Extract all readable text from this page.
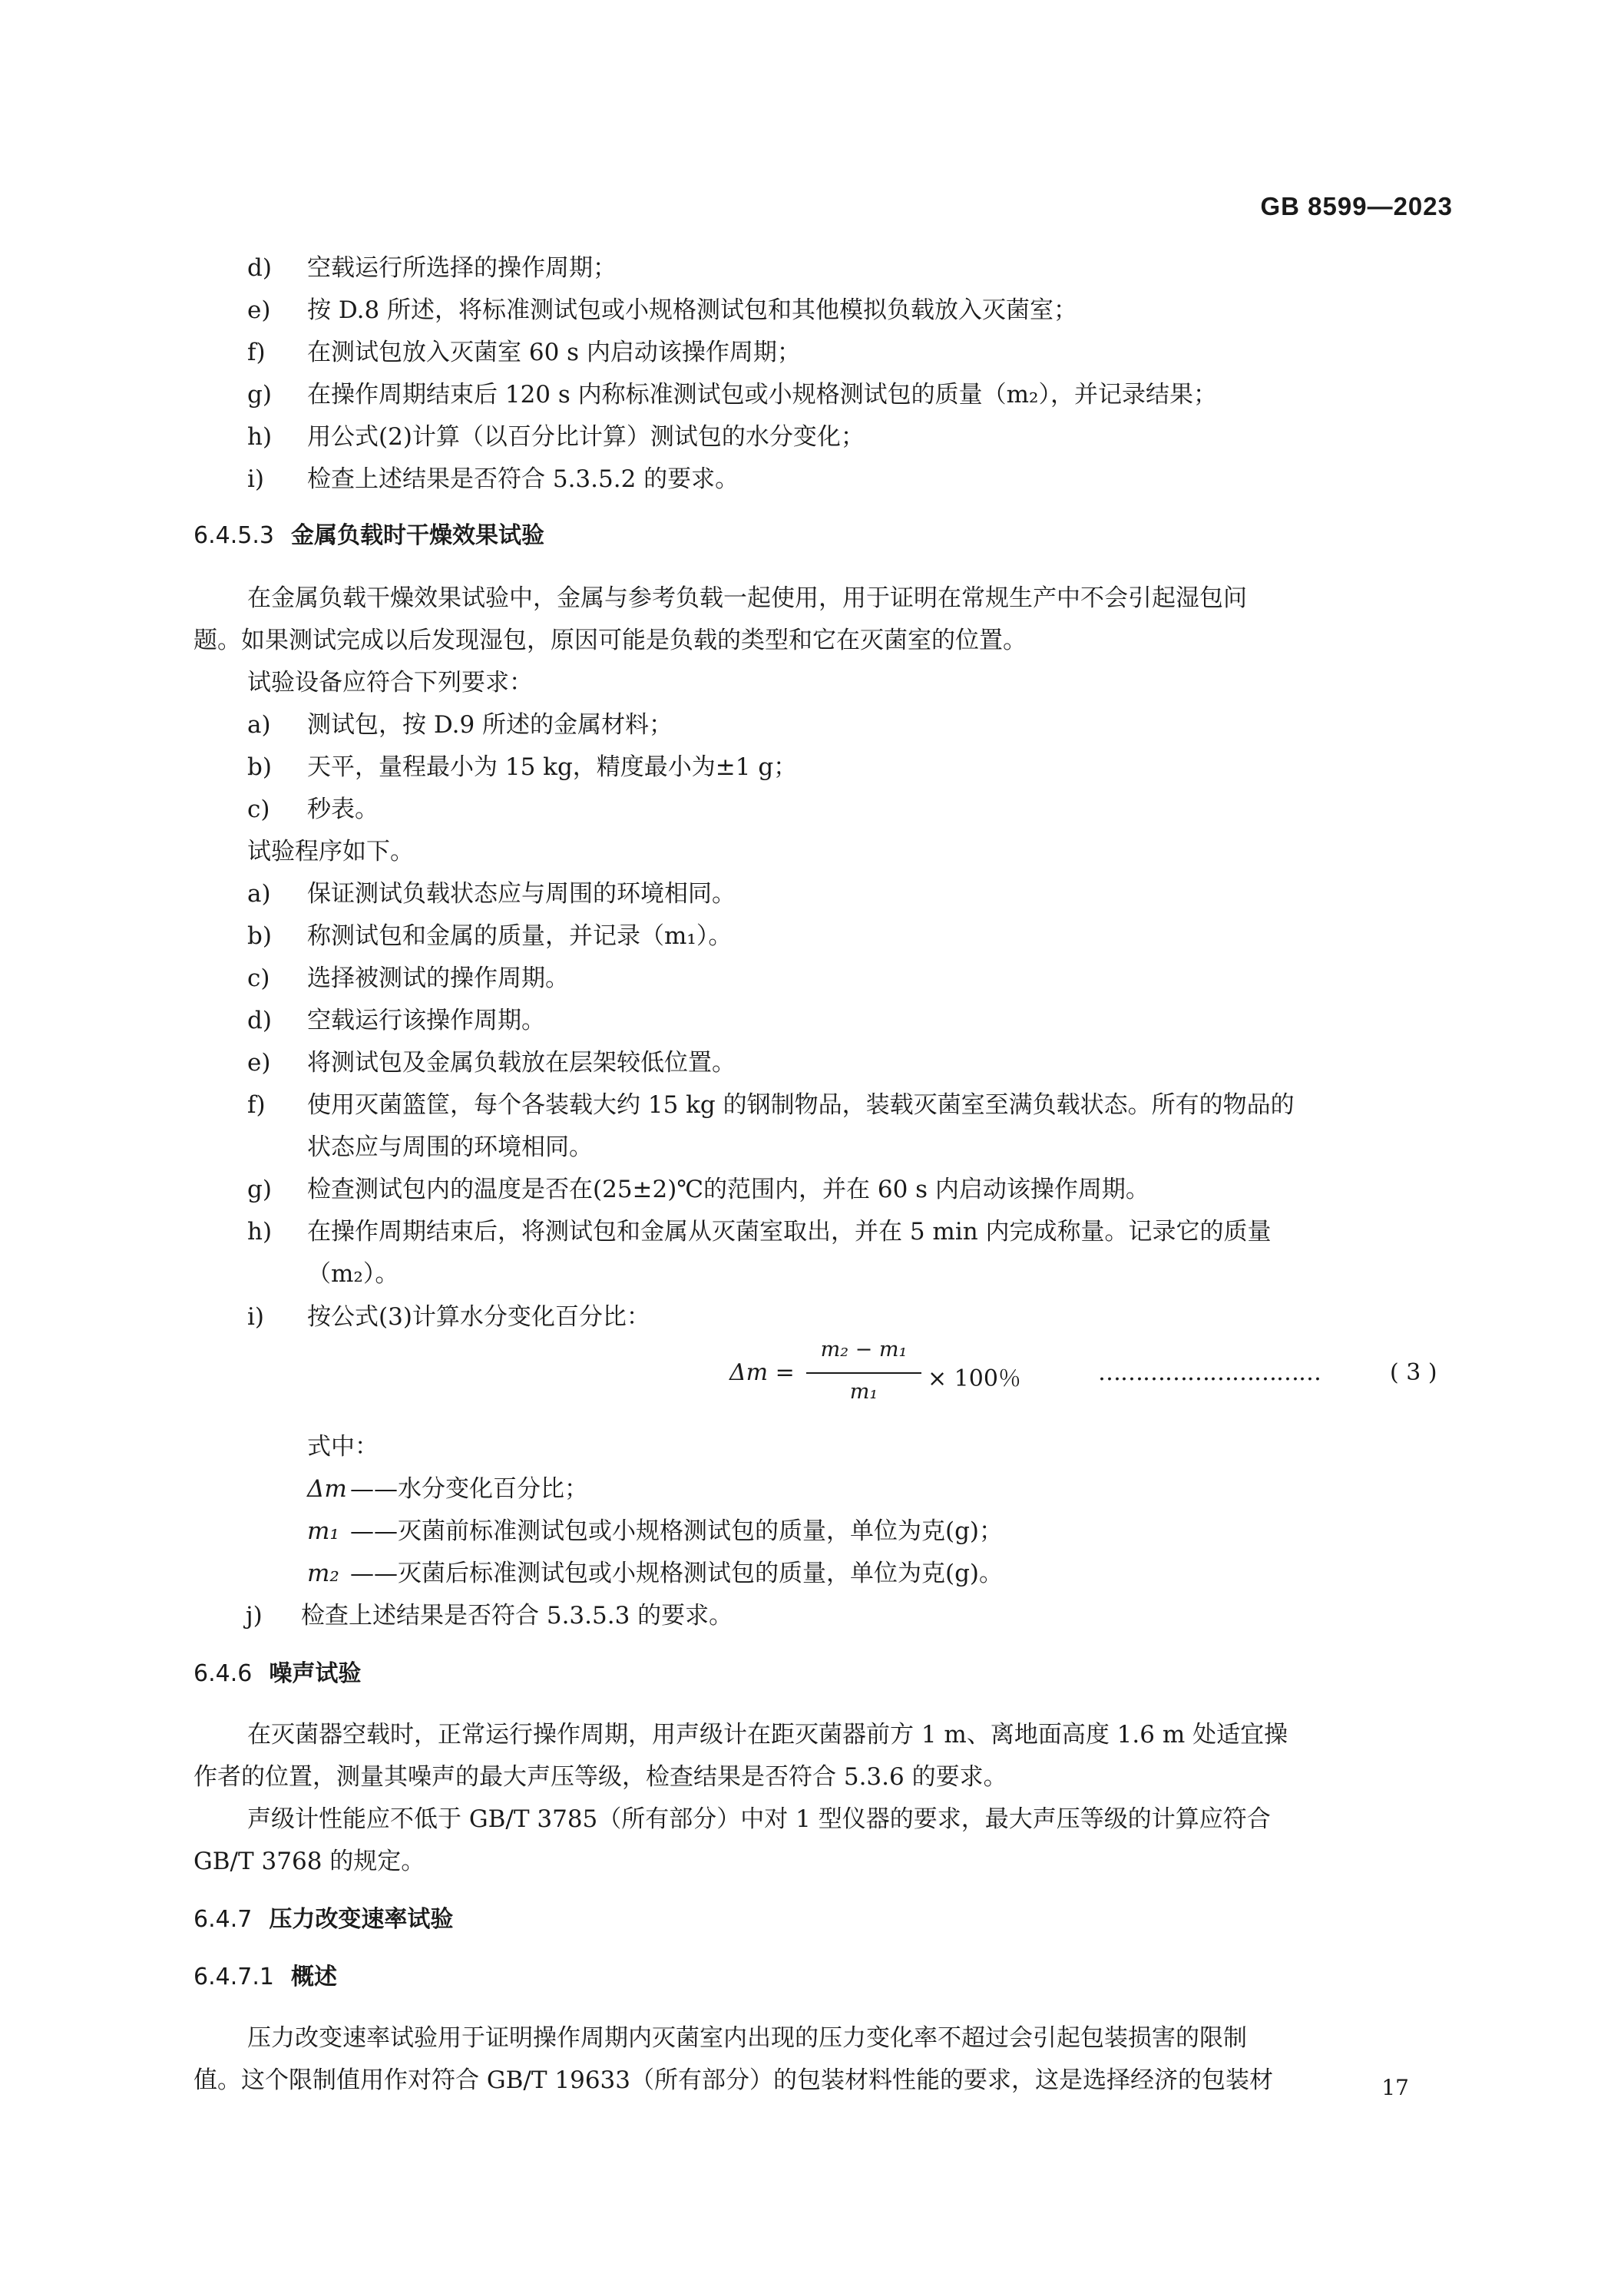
GB 8599—2023
d) 空载运行所选择的操作周期；
e) 按 D.8 所述，将标准测试包或小规格测试包和其他模拟负载放入灭菌室；
f) 在测试包放入灭菌室 60 s 内启动该操作周期；
g) 在操作周期结束后 120 s 内称标准测试包或小规格测试包的质量（m₂），并记录结果；
h) 用公式(2)计算（以百分比计算）测试包的水分变化；
i) 检查上述结果是否符合 5.3.5.2 的要求。
6.4.5.3 金属负载时干燥效果试验
在金属负载干燥效果试验中，金属与参考负载一起使用，用于证明在常规生产中不会引起湿包问
题。如果测试完成以后发现湿包，原因可能是负载的类型和它在灭菌室的位置。
试验设备应符合下列要求：
a) 测试包，按 D.9 所述的金属材料；
b) 天平，量程最小为 15 kg，精度最小为±1 g；
c) 秒表。
试验程序如下。
a) 保证测试负载状态应与周围的环境相同。
b) 称测试包和金属的质量，并记录（m₁）。
c) 选择被测试的操作周期。
d) 空载运行该操作周期。
e) 将测试包及金属负载放在层架较低位置。
f) 使用灭菌篮筐，每个各装载大约 15 kg 的钢制物品，装载灭菌室至满负载状态。所有的物品的
状态应与周围的环境相同。
g) 检查测试包内的温度是否在(25±2)℃的范围内，并在 60 s 内启动该操作周期。
h) 在操作周期结束后，将测试包和金属从灭菌室取出，并在 5 min 内完成称量。记录它的质量
（m₂）。
i) 按公式(3)计算水分变化百分比：
Δm =
m₂ − m₁
m₁	× 100％	…………………………	( 3 )
式中：
Δm ——水分变化百分比；
m₁ ——灭菌前标准测试包或小规格测试包的质量，单位为克(g)；
m₂ ——灭菌后标准测试包或小规格测试包的质量，单位为克(g)。
j) 检查上述结果是否符合 5.3.5.3 的要求。
6.4.6 噪声试验
在灭菌器空载时，正常运行操作周期，用声级计在距灭菌器前方 1 m、离地面高度 1.6 m 处适宜操
作者的位置，测量其噪声的最大声压等级，检查结果是否符合 5.3.6 的要求。
声级计性能应不低于 GB/T 3785（所有部分）中对 1 型仪器的要求，最大声压等级的计算应符合
GB/T 3768 的规定。
6.4.7 压力改变速率试验
6.4.7.1 概述
压力改变速率试验用于证明操作周期内灭菌室内出现的压力变化率不超过会引起包装损害的限制
值。这个限制值用作对符合 GB/T 19633（所有部分）的包装材料性能的要求，这是选择经济的包装材	17
